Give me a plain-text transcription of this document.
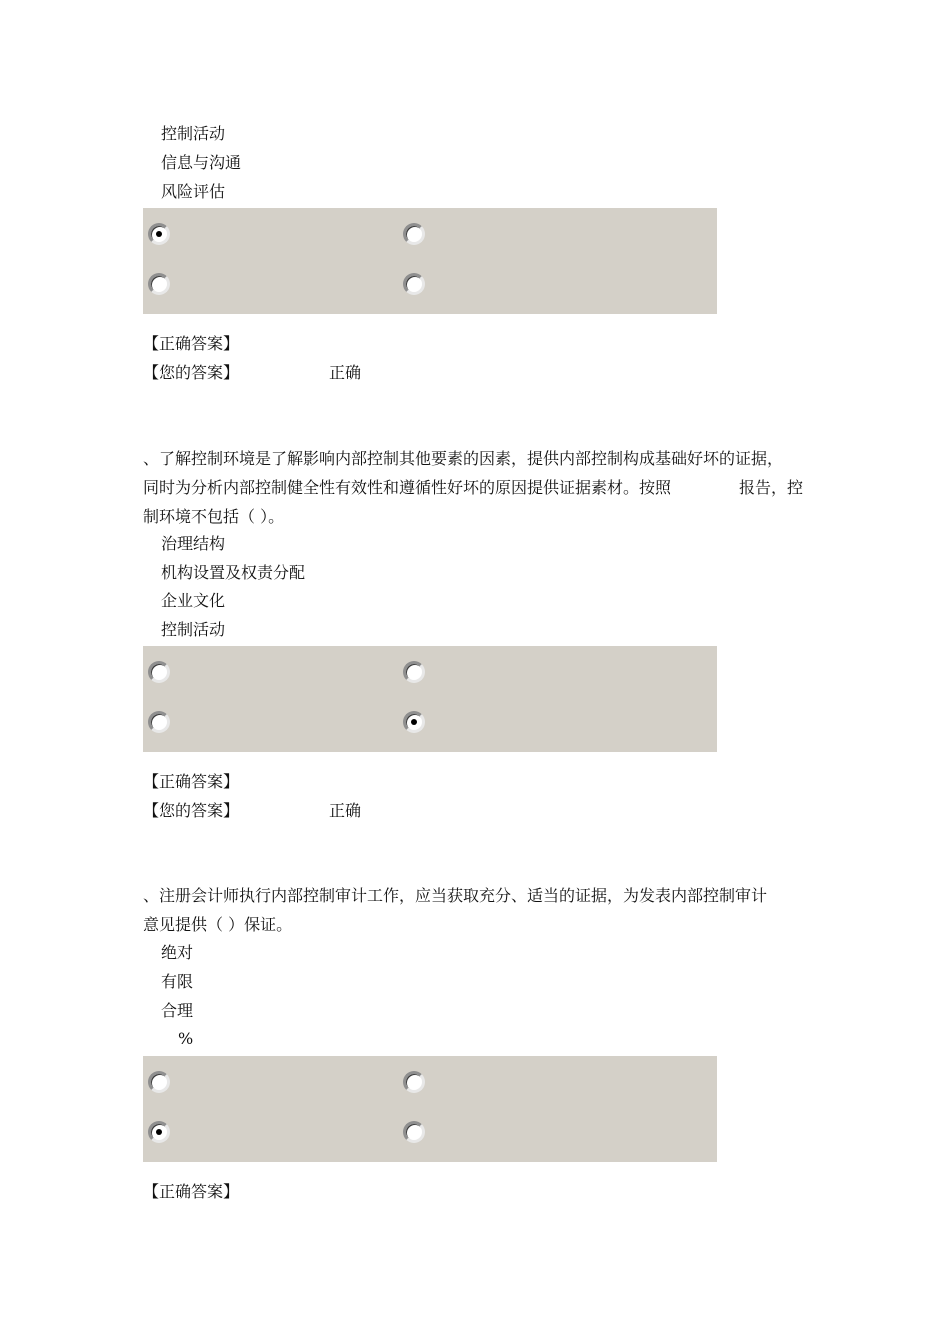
控制活动
信息与沟通
风险评估
【正确答案】
【您的答案】	正确
、了解控制环境是了解影响内部控制其他要素的因素，提供内部控制构成基础好坏的证据，
同时为分析内部控制健全性有效性和遵循性好坏的原因提供证据素材。按照	报告，控
制环境不包括（ ）。
治理结构
机构设置及权责分配
企业文化
控制活动
【正确答案】
【您的答案】	正确
、注册会计师执行内部控制审计工作，应当获取充分、适当的证据，为发表内部控制审计
意见提供（ ）保证。
绝对
有限
合理
%
【正确答案】
